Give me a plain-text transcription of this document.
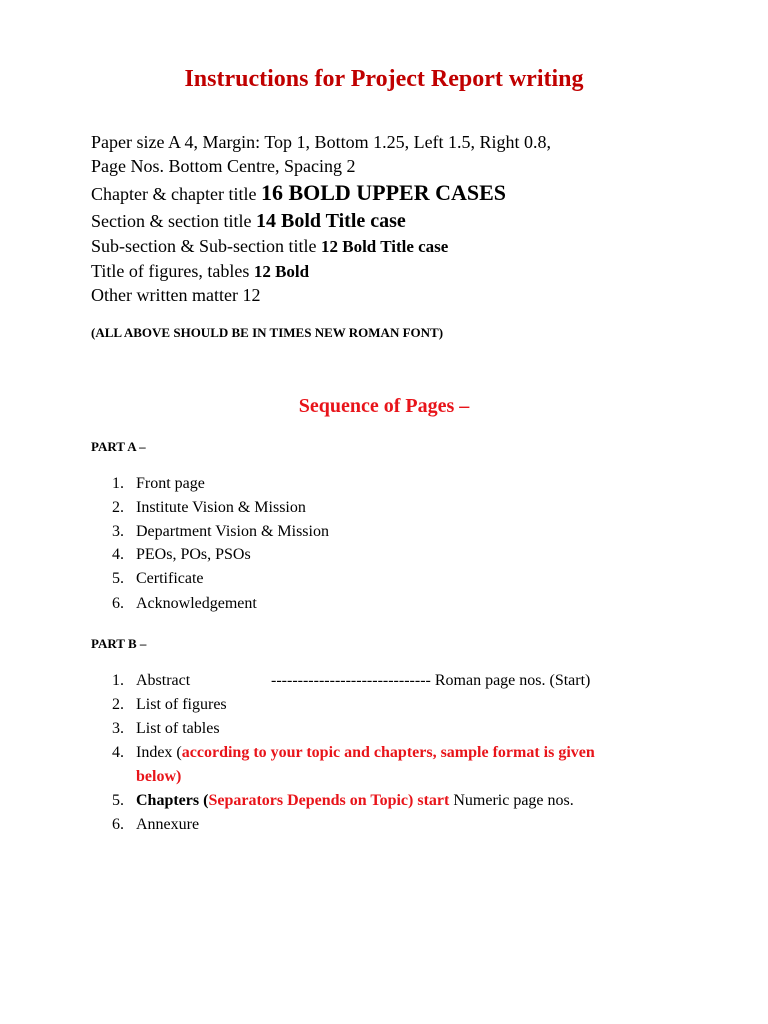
Instructions for Project Report writing
Paper size A 4, Margin: Top 1, Bottom 1.25, Left 1.5, Right 0.8,
Page Nos. Bottom Centre, Spacing 2
Chapter & chapter title 16 BOLD UPPER CASES
Section & section title 14 Bold Title case
Sub-section & Sub-section title 12 Bold Title case
Title of figures, tables 12 Bold
Other written matter 12
(ALL ABOVE SHOULD BE IN TIMES NEW ROMAN FONT)
Sequence of Pages –
PART A –
1. Front page
2. Institute Vision & Mission
3. Department Vision & Mission
4. PEOs, POs, PSOs
5. Certificate
6. Acknowledgement
PART B –
1. Abstract	------------------------------ Roman page nos. (Start)
2. List of figures
3. List of tables
4. Index (according to your topic and chapters, sample format is given
below)
5. Chapters (Separators Depends on Topic) start Numeric page nos.
6. Annexure
